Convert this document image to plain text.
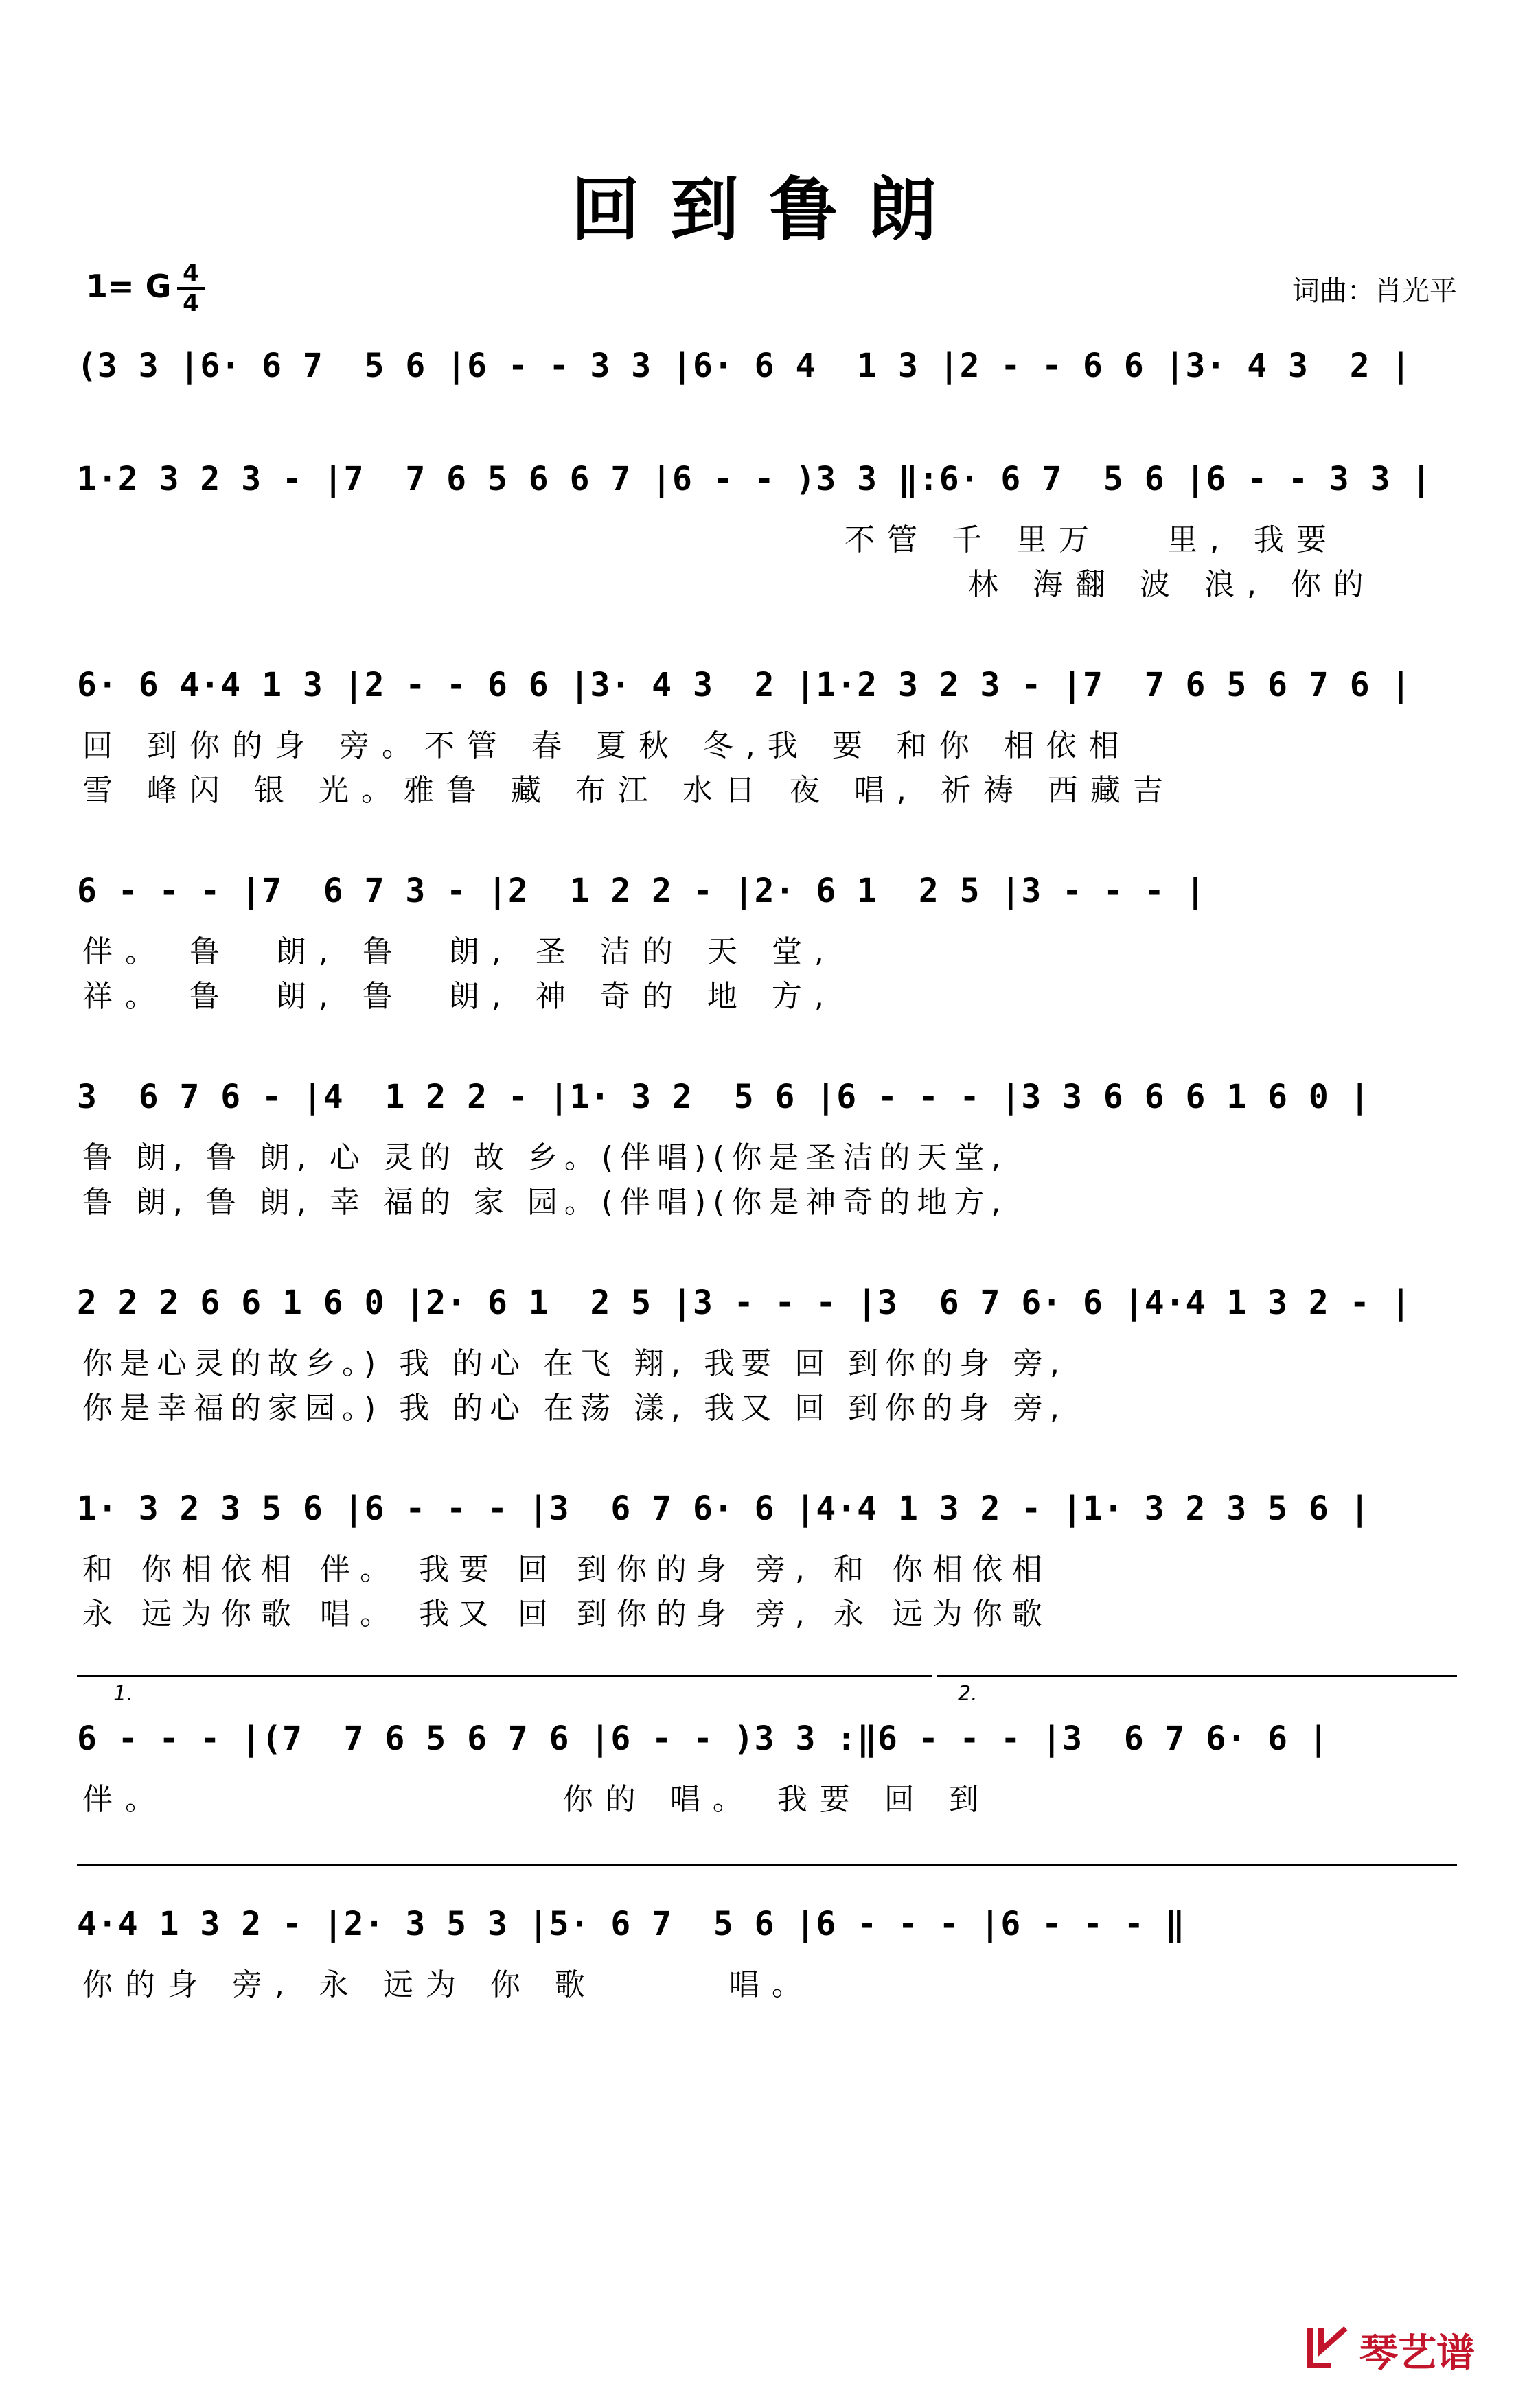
回到鲁朗
1= G 4
4	词曲：肖光平
(3 3 |6· 6 7  5 6 |6 - - 3 3 |6· 6 4  1 3 |2 - - 6 6 |3· 4 3  2 |
1·2 3 2 3 - |7  7 6 5 6 6 7 |6 - - )3 3 ‖:6· 6 7  5 6 |6 - - 3 3 |
不管 千 里万   里, 我要
林 海翻 波 浪, 你的
6· 6 4·4 1 3 |2 - - 6 6 |3· 4 3  2 |1·2 3 2 3 - |7  7 6 5 6 7 6 |
回 到你的身 旁。不管 春 夏秋 冬,我 要 和你 相依相
雪 峰闪 银 光。雅鲁 藏 布江 水日 夜 唱, 祈祷 西藏吉
6 - - - |7  6 7 3 - |2  1 2 2 - |2· 6 1  2 5 |3 - - - |
伴。 鲁  朗, 鲁  朗, 圣 洁的 天 堂,
祥。 鲁  朗, 鲁  朗, 神 奇的 地 方,
3  6 7 6 - |4  1 2 2 - |1· 3 2  5 6 |6 - - - |3 3 6 6 6 1 6 0 |
鲁 朗, 鲁 朗, 心 灵的 故 乡。(伴唱)(你是圣洁的天堂,
鲁 朗, 鲁 朗, 幸 福的 家 园。(伴唱)(你是神奇的地方,
2 2 2 6 6 1 6 0 |2· 6 1  2 5 |3 - - - |3  6 7 6· 6 |4·4 1 3 2 - |
你是心灵的故乡。) 我 的心 在飞 翔, 我要 回 到你的身 旁,
你是幸福的家园。) 我 的心 在荡 漾, 我又 回 到你的身 旁,
1· 3 2 3 5 6 |6 - - - |3  6 7 6· 6 |4·4 1 3 2 - |1· 3 2 3 5 6 |
和 你相依相 伴。 我要 回 到你的身 旁, 和 你相依相
永 远为你歌 唱。 我又 回 到你的身 旁, 永 远为你歌
1.	2.
6 - - - |(7  7 6 5 6 7 6 |6 - - )3 3 :‖6 - - - |3  6 7 6· 6 |
伴。                  你的 唱。 我要 回 到
4·4 1 3 2 - |2· 3 5 3 |5· 6 7  5 6 |6 - - - |6 - - - ‖
你的身 旁, 永 远为 你 歌      唱。
琴艺谱
